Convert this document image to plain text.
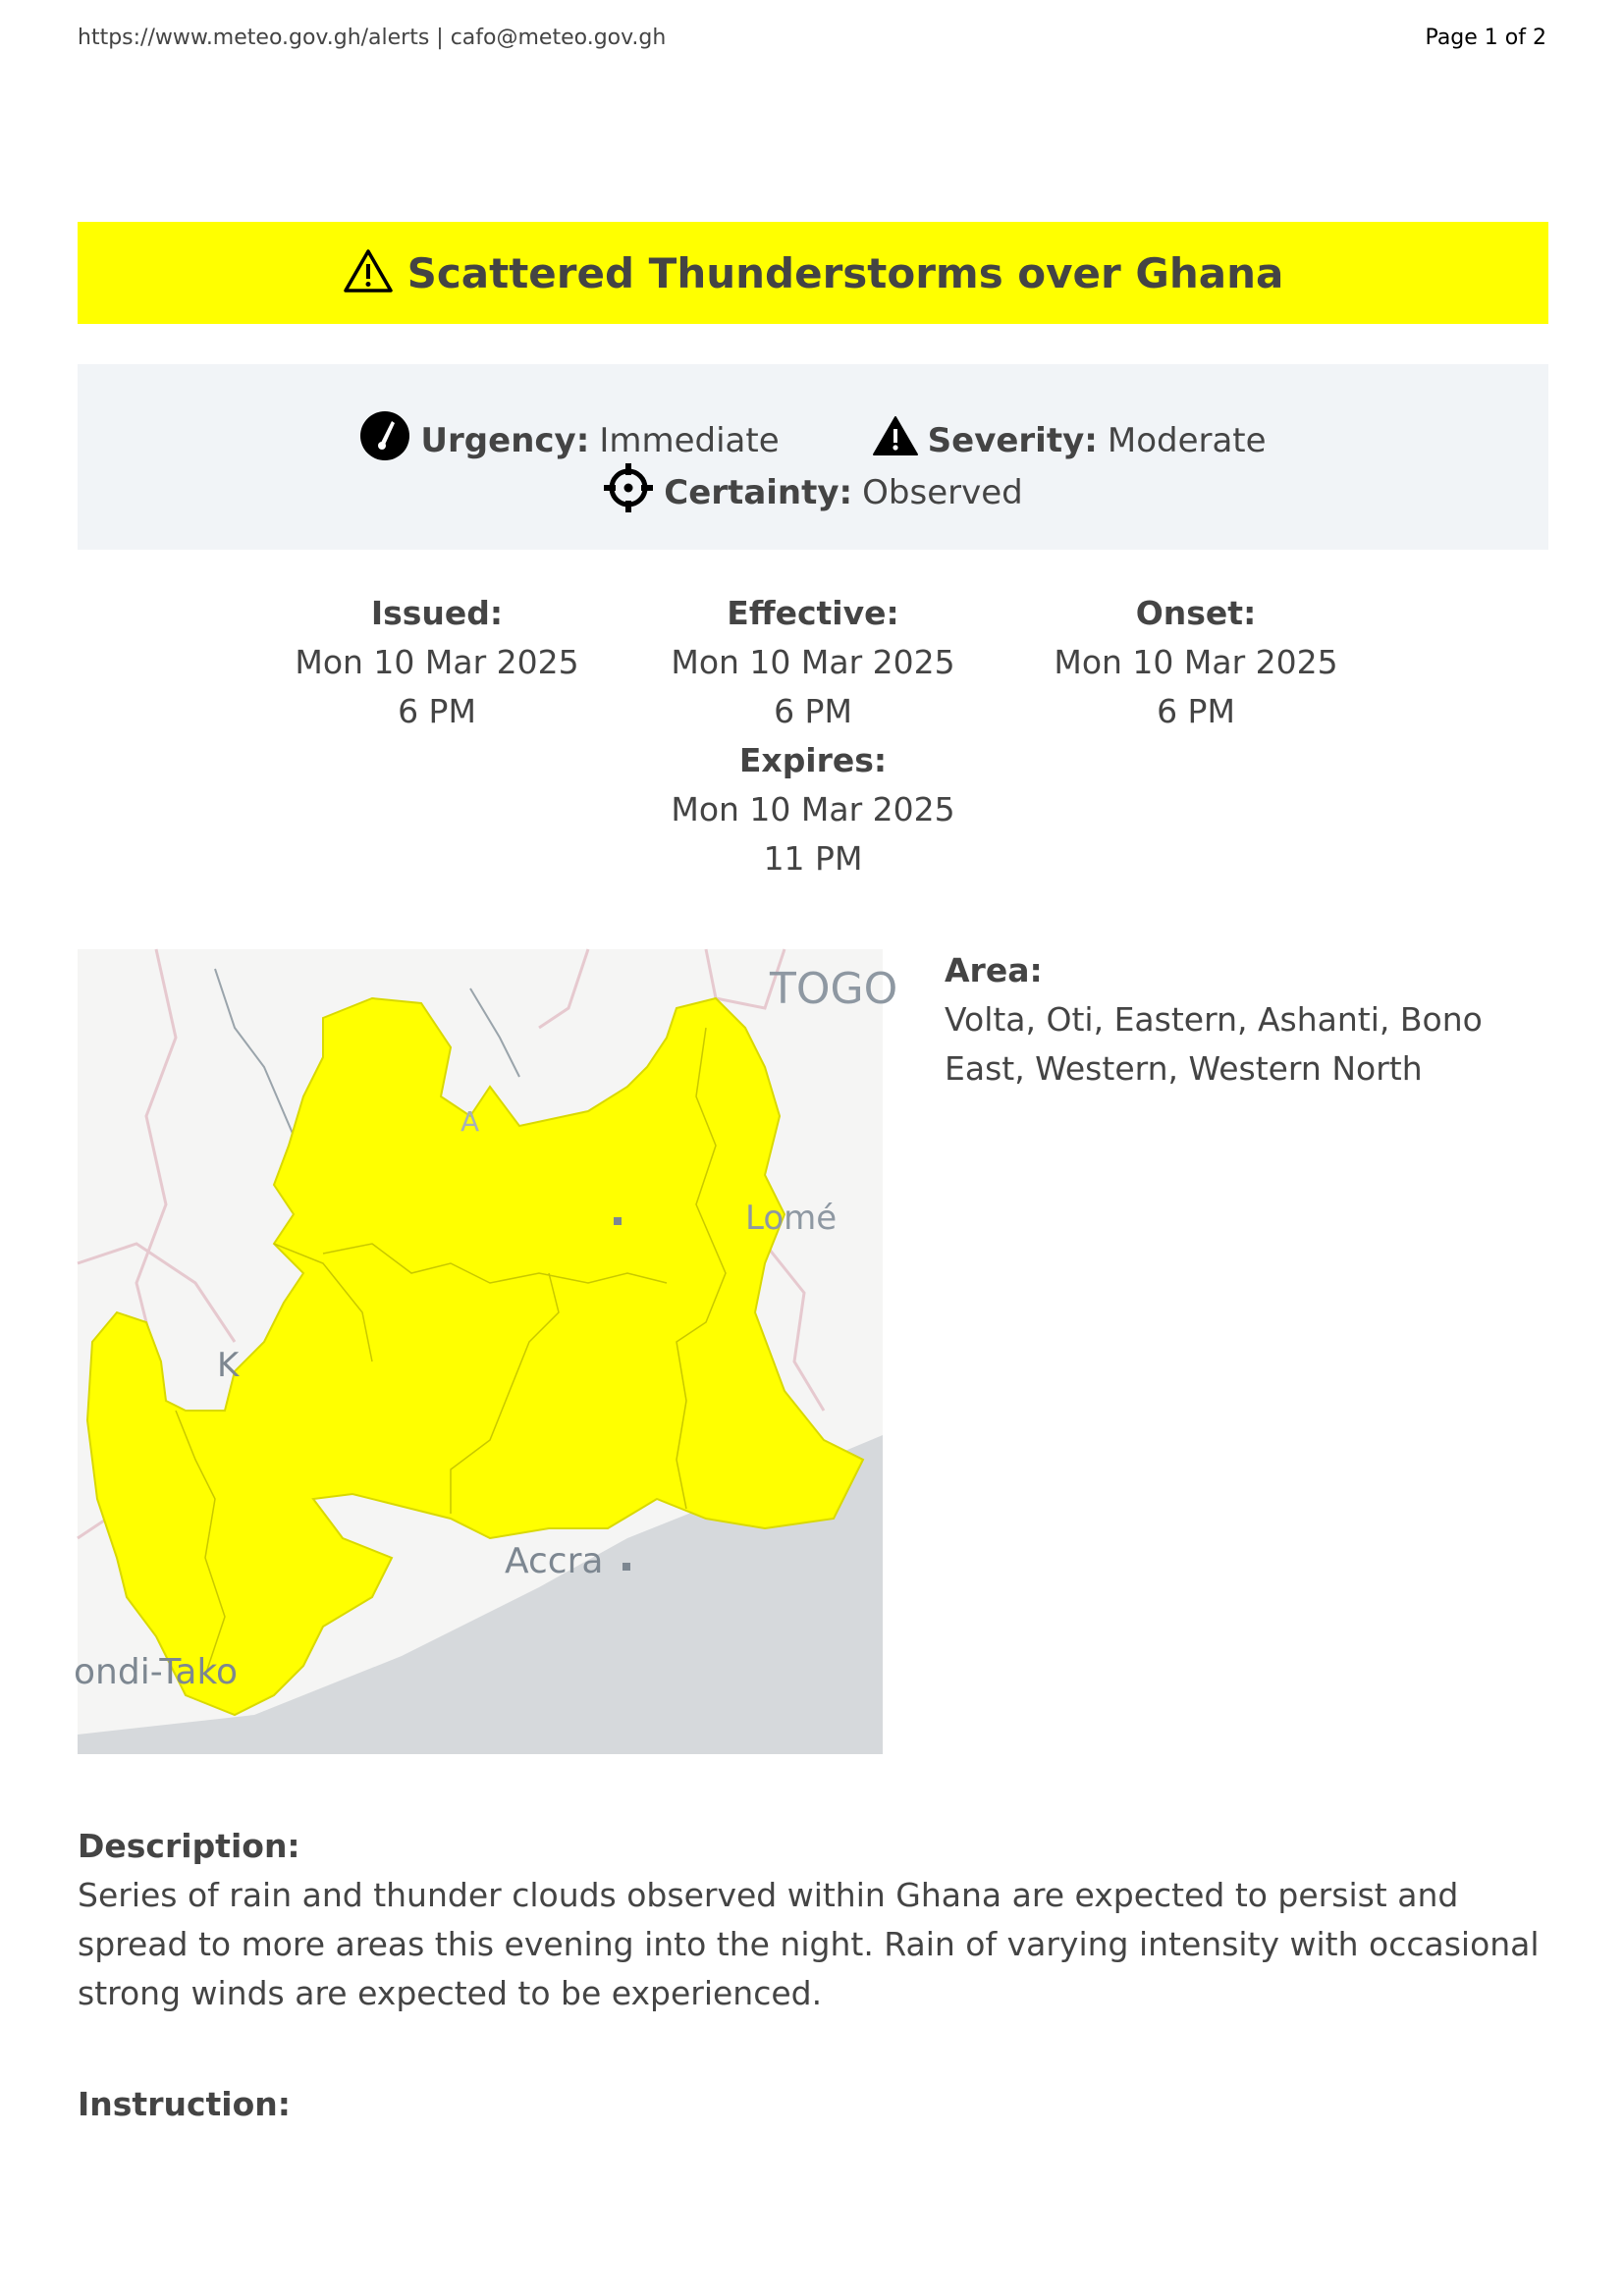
https://www.meteo.gov.gh/alerts | cafo@meteo.gov.gh	Page 1 of 2
Scattered Thunderstorms over Ghana
Urgency: Immediate	Severity: Moderate
Certainty: Observed
Issued:
Mon 10 Mar 2025
6 PM
Effective:
Mon 10 Mar 2025
6 PM
Onset:
Mon 10 Mar 2025
6 PM
Expires:
Mon 10 Mar 2025
11 PM
TOGO
Lomé
Accra
ondi-Tako
K
A
Area:
Volta, Oti, Eastern, Ashanti, Bono East, Western, Western North
Description:
Series of rain and thunder clouds observed within Ghana are expected to persist and spread to more areas this evening into the night. Rain of varying intensity with occasional strong winds are expected to be experienced.
Instruction:
